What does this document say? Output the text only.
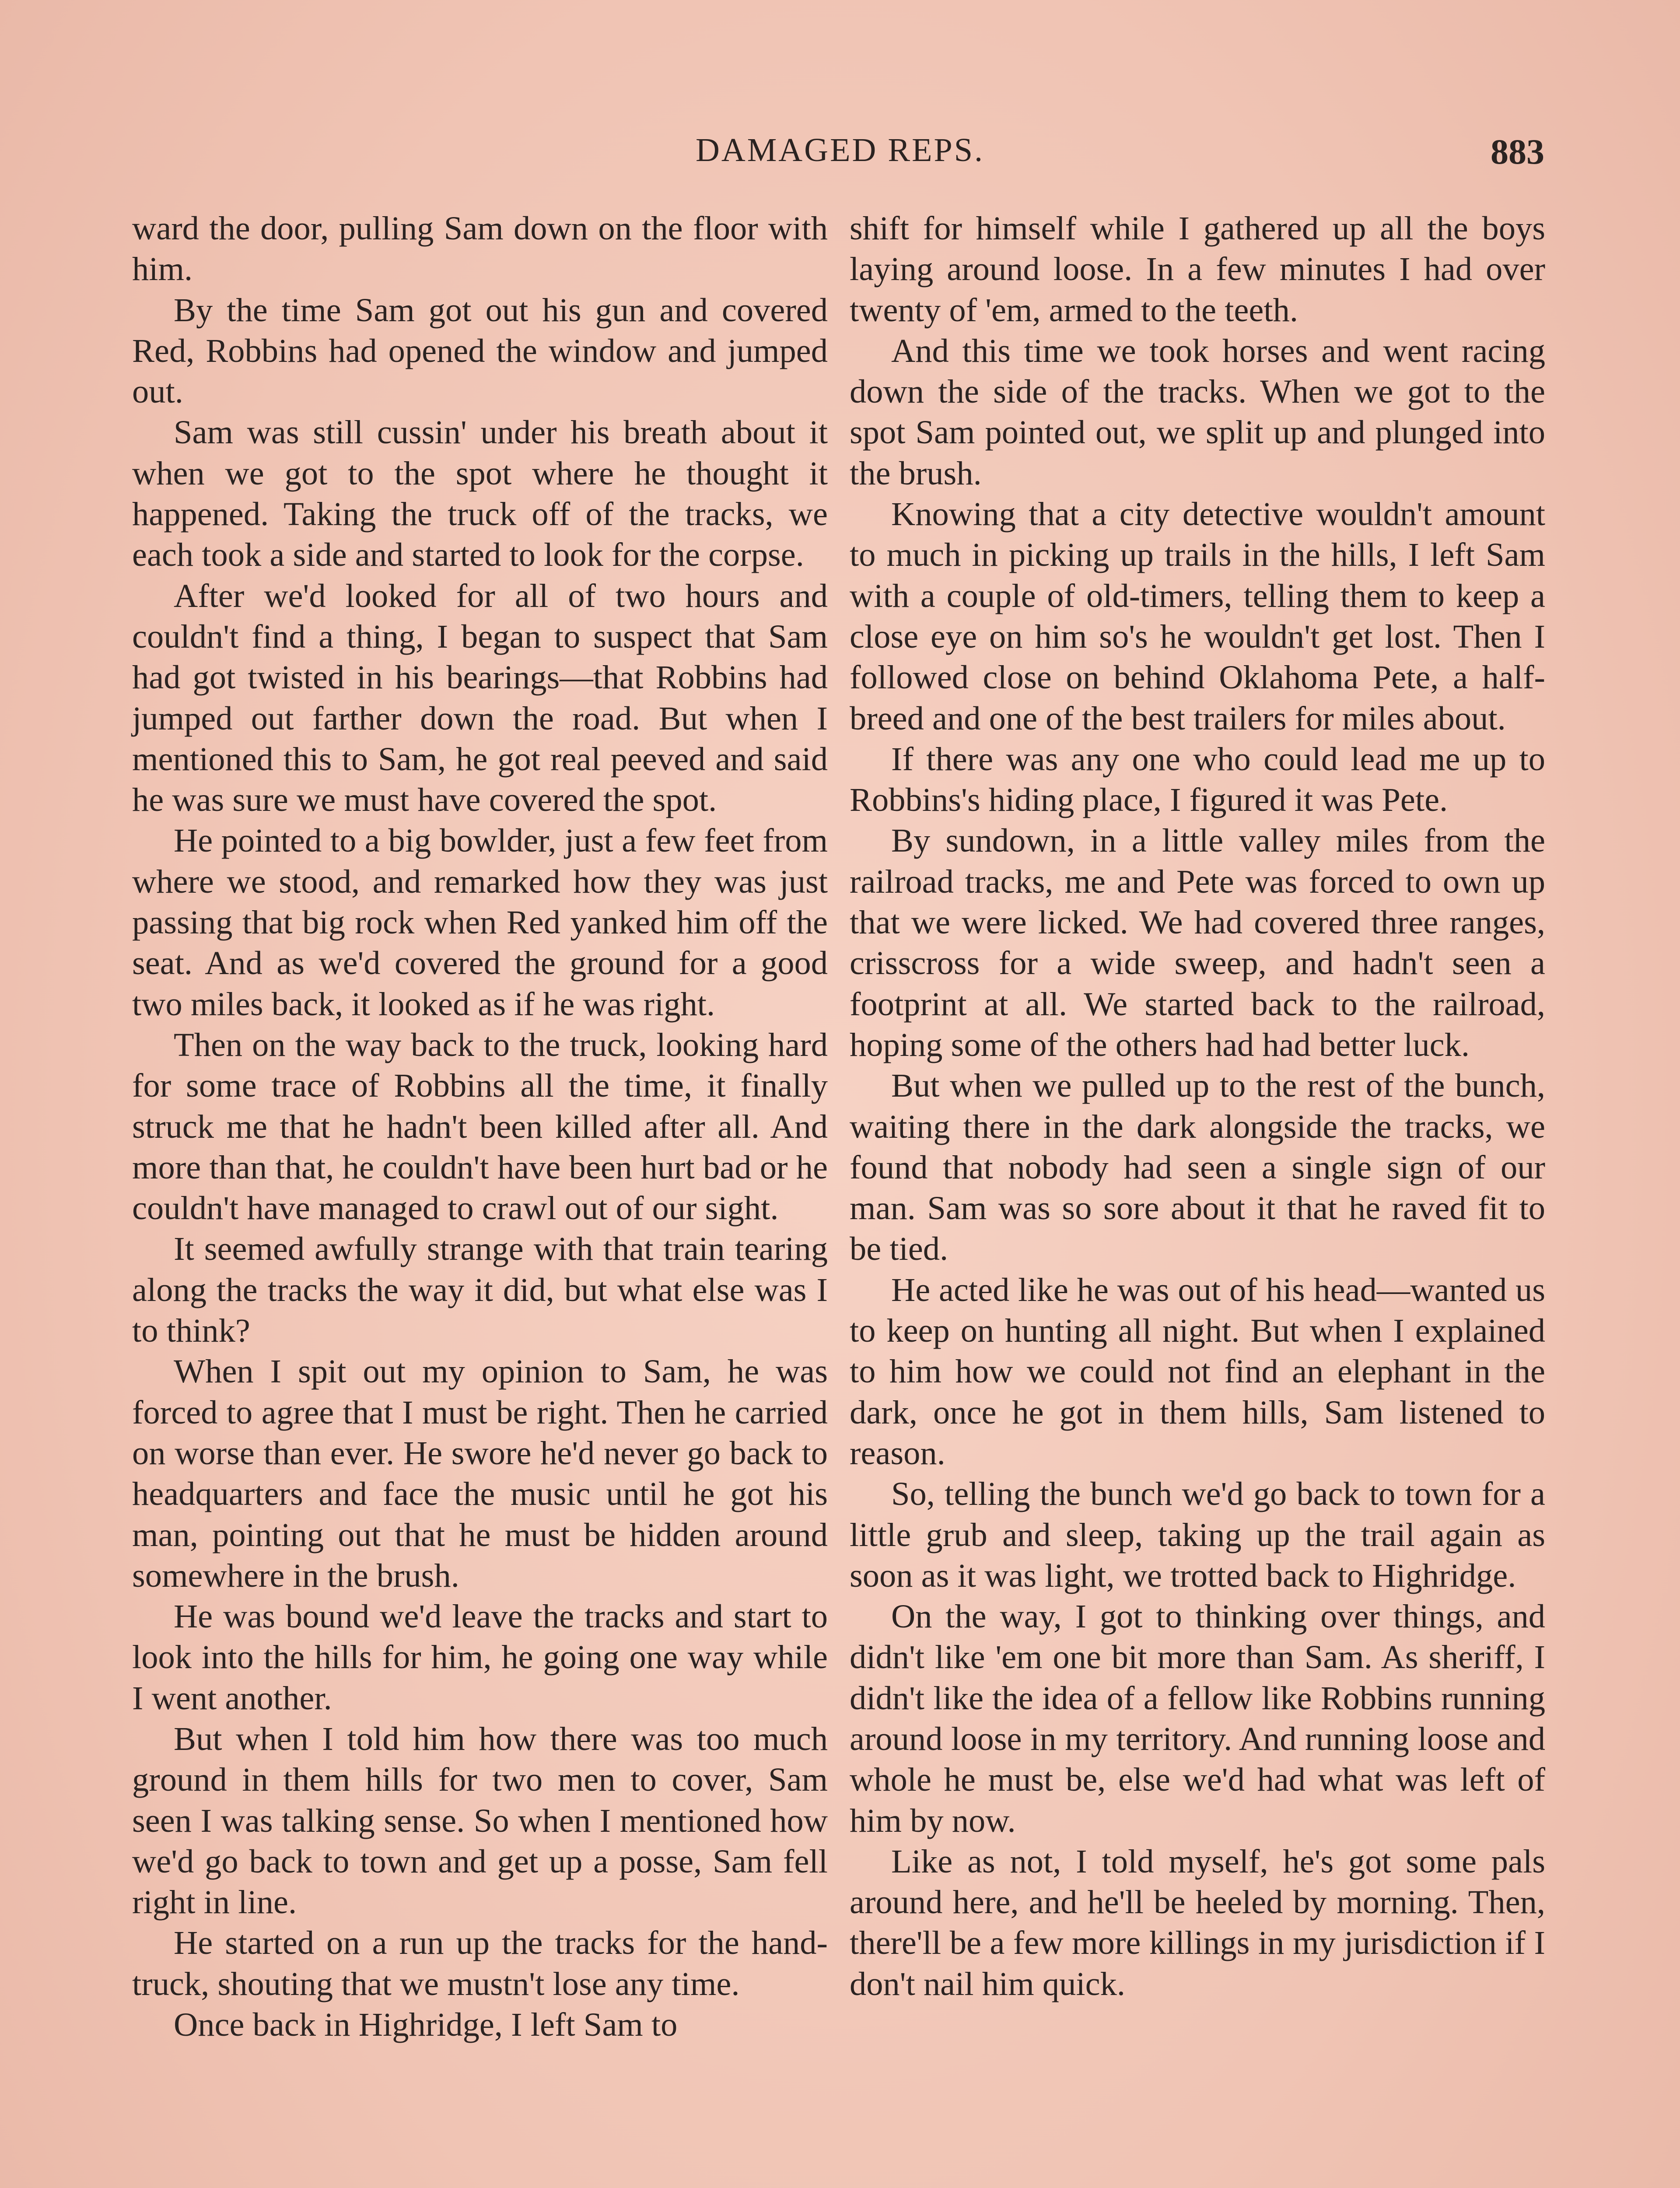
DAMAGED REPS.	883

ward the door, pulling Sam down on the floor with him.

By the time Sam got out his gun and covered Red, Robbins had opened the window and jumped out.

Sam was still cussin' under his breath about it when we got to the spot where he thought it happened. Taking the truck off of the tracks, we each took a side and started to look for the corpse.

After we'd looked for all of two hours and couldn't find a thing, I began to suspect that Sam had got twisted in his bearings—that Robbins had jumped out farther down the road. But when I mentioned this to Sam, he got real peeved and said he was sure we must have covered the spot.

He pointed to a big bowlder, just a few feet from where we stood, and remarked how they was just passing that big rock when Red yanked him off the seat. And as we'd covered the ground for a good two miles back, it looked as if he was right.

Then on the way back to the truck, looking hard for some trace of Robbins all the time, it finally struck me that he hadn't been killed after all. And more than that, he couldn't have been hurt bad or he couldn't have managed to crawl out of our sight.

It seemed awfully strange with that train tearing along the tracks the way it did, but what else was I to think?

When I spit out my opinion to Sam, he was forced to agree that I must be right. Then he carried on worse than ever. He swore he'd never go back to headquarters and face the music until he got his man, pointing out that he must be hidden around somewhere in the brush.

He was bound we'd leave the tracks and start to look into the hills for him, he going one way while I went another.

But when I told him how there was too much ground in them hills for two men to cover, Sam seen I was talking sense. So when I mentioned how we'd go back to town and get up a posse, Sam fell right in line.

He started on a run up the tracks for the hand-truck, shouting that we mustn't lose any time.

Once back in Highridge, I left Sam to

shift for himself while I gathered up all the boys laying around loose. In a few minutes I had over twenty of 'em, armed to the teeth.

And this time we took horses and went racing down the side of the tracks. When we got to the spot Sam pointed out, we split up and plunged into the brush.

Knowing that a city detective wouldn't amount to much in picking up trails in the hills, I left Sam with a couple of old-timers, telling them to keep a close eye on him so's he wouldn't get lost. Then I followed close on behind Oklahoma Pete, a half-breed and one of the best trailers for miles about.

If there was any one who could lead me up to Robbins's hiding place, I figured it was Pete.

By sundown, in a little valley miles from the railroad tracks, me and Pete was forced to own up that we were licked. We had covered three ranges, crisscross for a wide sweep, and hadn't seen a footprint at all. We started back to the railroad, hoping some of the others had had better luck.

But when we pulled up to the rest of the bunch, waiting there in the dark alongside the tracks, we found that nobody had seen a single sign of our man. Sam was so sore about it that he raved fit to be tied.

He acted like he was out of his head—wanted us to keep on hunting all night. But when I explained to him how we could not find an elephant in the dark, once he got in them hills, Sam listened to reason.

So, telling the bunch we'd go back to town for a little grub and sleep, taking up the trail again as soon as it was light, we trotted back to Highridge.

On the way, I got to thinking over things, and didn't like 'em one bit more than Sam. As sheriff, I didn't like the idea of a fellow like Robbins running around loose in my territory. And running loose and whole he must be, else we'd had what was left of him by now.

Like as not, I told myself, he's got some pals around here, and he'll be heeled by morning. Then, there'll be a few more killings in my jurisdiction if I don't nail him quick.
